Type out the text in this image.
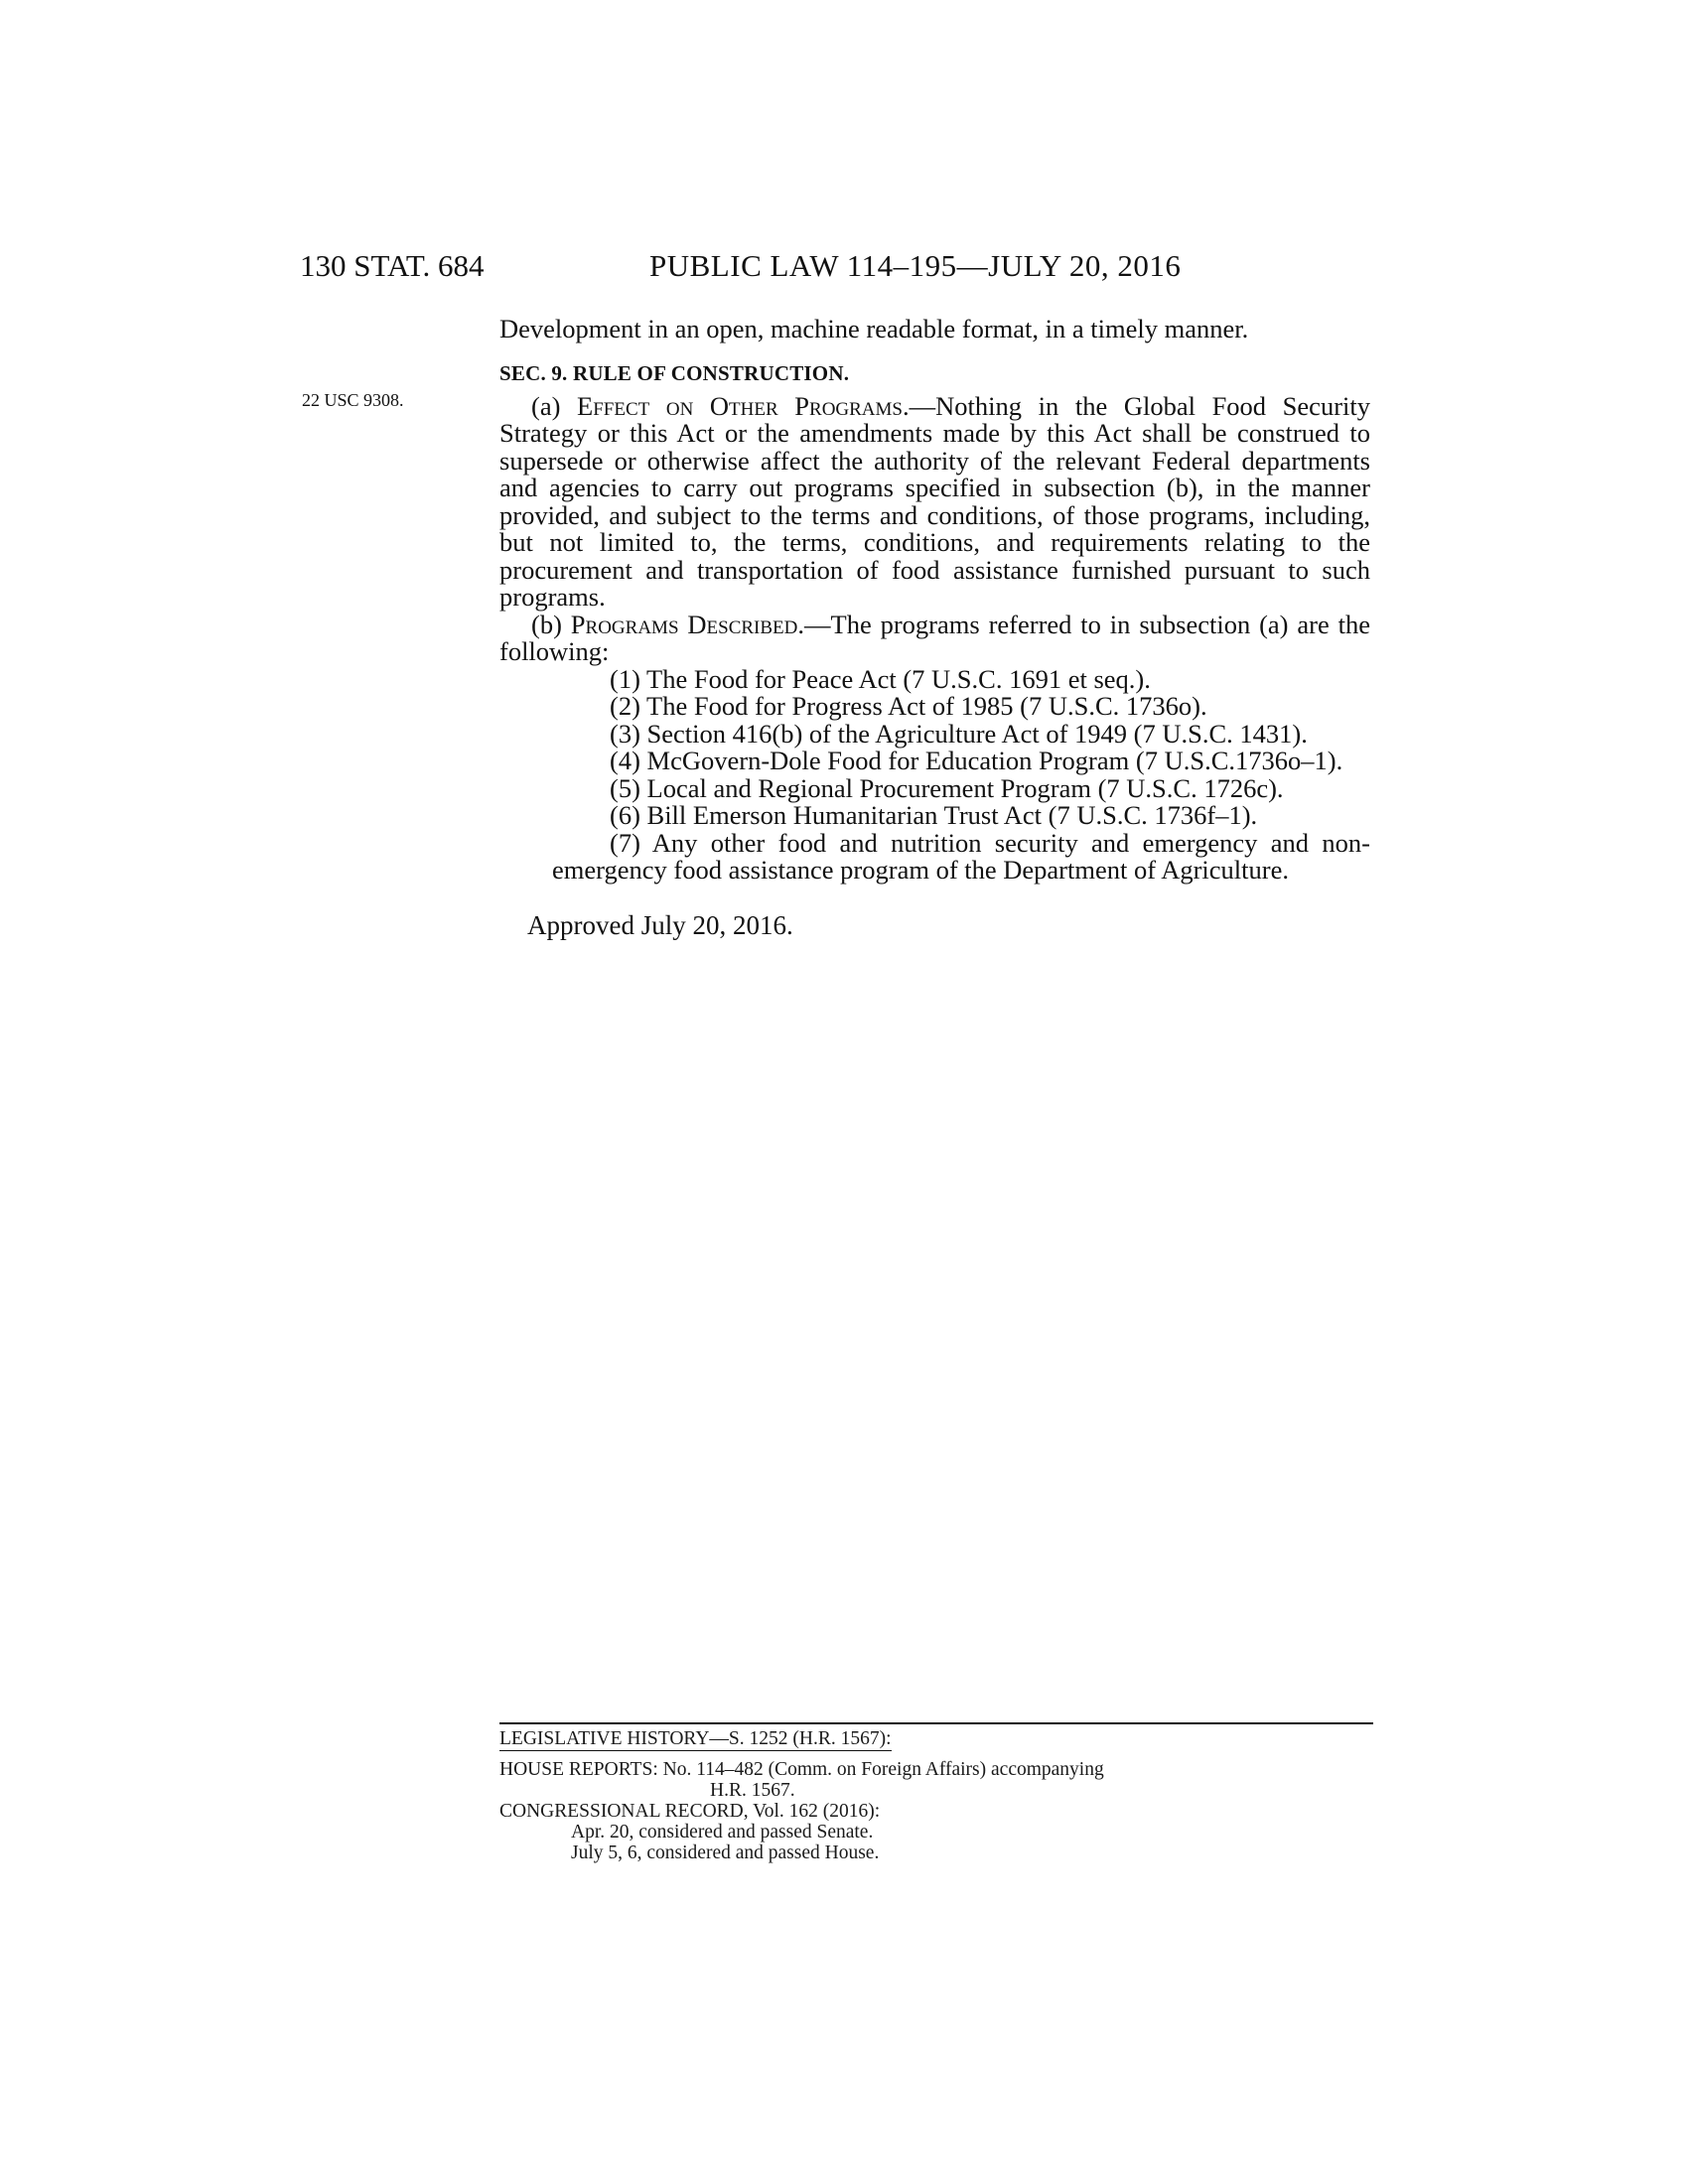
130 STAT. 684	PUBLIC LAW 114–195—JULY 20, 2016
22 USC 9308.

Development in an open, machine readable format, in a timely manner.

SEC. 9. RULE OF CONSTRUCTION.

(a) Effect on Other Programs.—Nothing in the Global Food Security Strategy or this Act or the amendments made by this Act shall be construed to supersede or otherwise affect the authority of the relevant Federal departments and agencies to carry out programs specified in subsection (b), in the manner provided, and subject to the terms and conditions, of those programs, including, but not limited to, the terms, conditions, and requirements relating to the procurement and transportation of food assistance furnished pursuant to such programs.

(b) Programs Described.—The programs referred to in subsection (a) are the following:

(1) The Food for Peace Act (7 U.S.C. 1691 et seq.).

(2) The Food for Progress Act of 1985 (7 U.S.C. 1736o).

(3) Section 416(b) of the Agriculture Act of 1949 (7 U.S.C. 1431).

(4) McGovern-Dole Food for Education Program (7 U.S.C.1736o–1).

(5) Local and Regional Procurement Program (7 U.S.C. 1726c).

(6) Bill Emerson Humanitarian Trust Act (7 U.S.C. 1736f–1).

(7) Any other food and nutrition security and emergency and non-emergency food assistance program of the Department of Agriculture.

Approved July 20, 2016.

LEGISLATIVE HISTORY—S. 1252 (H.R. 1567):

HOUSE REPORTS: No. 114–482 (Comm. on Foreign Affairs) accompanying

H.R. 1567.

CONGRESSIONAL RECORD, Vol. 162 (2016):

Apr. 20, considered and passed Senate.

July 5, 6, considered and passed House.
